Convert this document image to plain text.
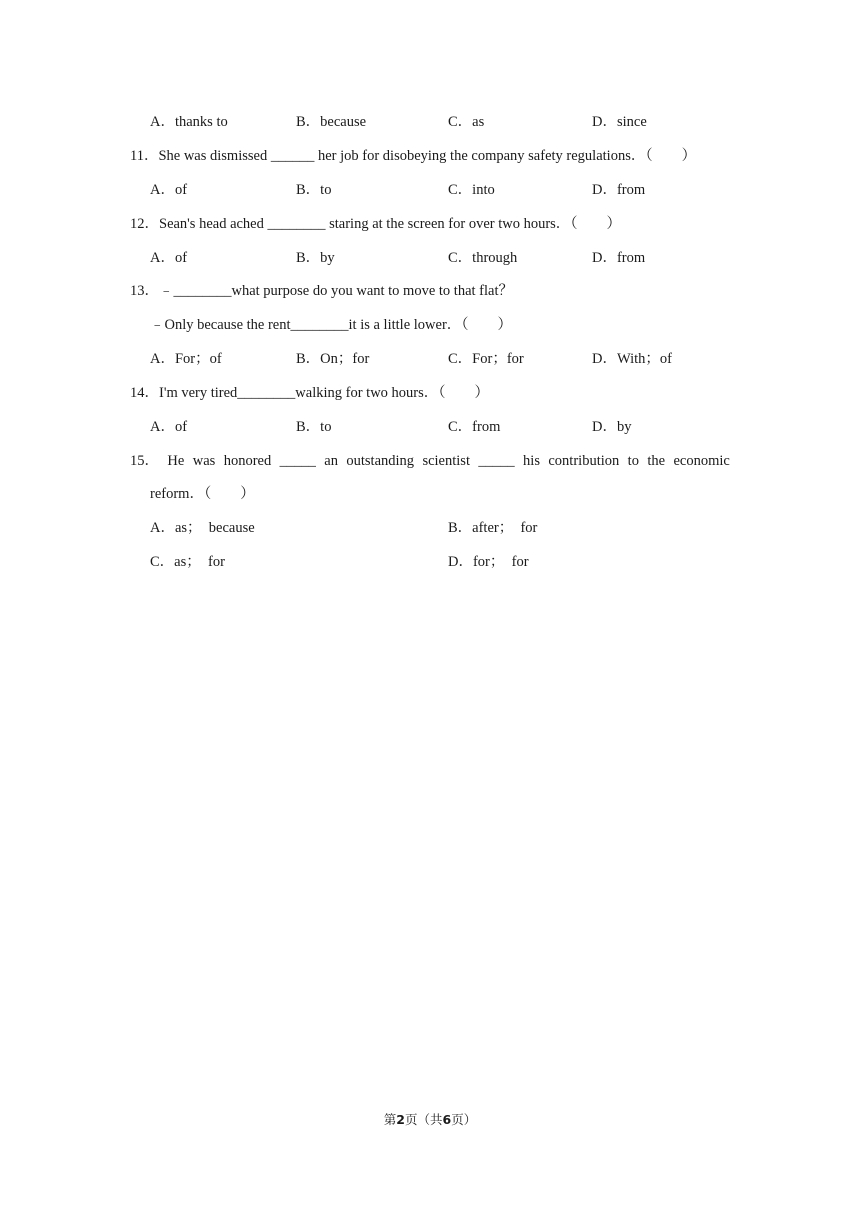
A．thanks to	B．because	C．as	D．since
11．She was dismissed ______ her job for disobeying the company safety regulations．（　　）
A．of	B．to	C．into	D．from
12．Sean's head ached ________ staring at the screen for over two hours．（　　）
A．of	B．by	C．through	D．from
13．﹣________what purpose do you want to move to that flat？
﹣Only because the rent________it is a little lower．（　　）
A．For；of	B．On；for	C．For；for	D．With；of
14．I'm very tired________walking for two hours．（　　）
A．of	B．to	C．from	D．by
15． He was honored _____ an outstanding scientist _____ his contribution to the economic
reform．（　　）
A．as；　because	B．after；　for
C．as；　for	D．for；　for
第2页（共6页）
